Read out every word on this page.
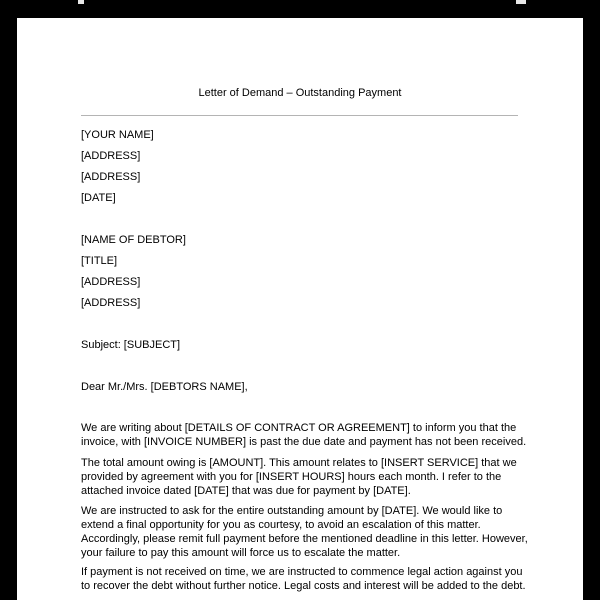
Letter of Demand – Outstanding Payment
[YOUR NAME]
[ADDRESS]
[ADDRESS]
[DATE]
[NAME OF DEBTOR]
[TITLE]
[ADDRESS]
[ADDRESS]
Subject: [SUBJECT]
Dear Mr./Mrs. [DEBTORS NAME],
We are writing about [DETAILS OF CONTRACT OR AGREEMENT] to inform you that the
invoice, with [INVOICE NUMBER] is past the due date and payment has not been received.
The total amount owing is [AMOUNT]. This amount relates to [INSERT SERVICE] that we
provided by agreement with you for [INSERT HOURS] hours each month. I refer to the
attached invoice dated [DATE] that was due for payment by [DATE].
We are instructed to ask for the entire outstanding amount by [DATE]. We would like to
extend a final opportunity for you as courtesy, to avoid an escalation of this matter.
Accordingly, please remit full payment before the mentioned deadline in this letter. However,
your failure to pay this amount will force us to escalate the matter.
If payment is not received on time, we are instructed to commence legal action against you
to recover the debt without further notice. Legal costs and interest will be added to the debt.
